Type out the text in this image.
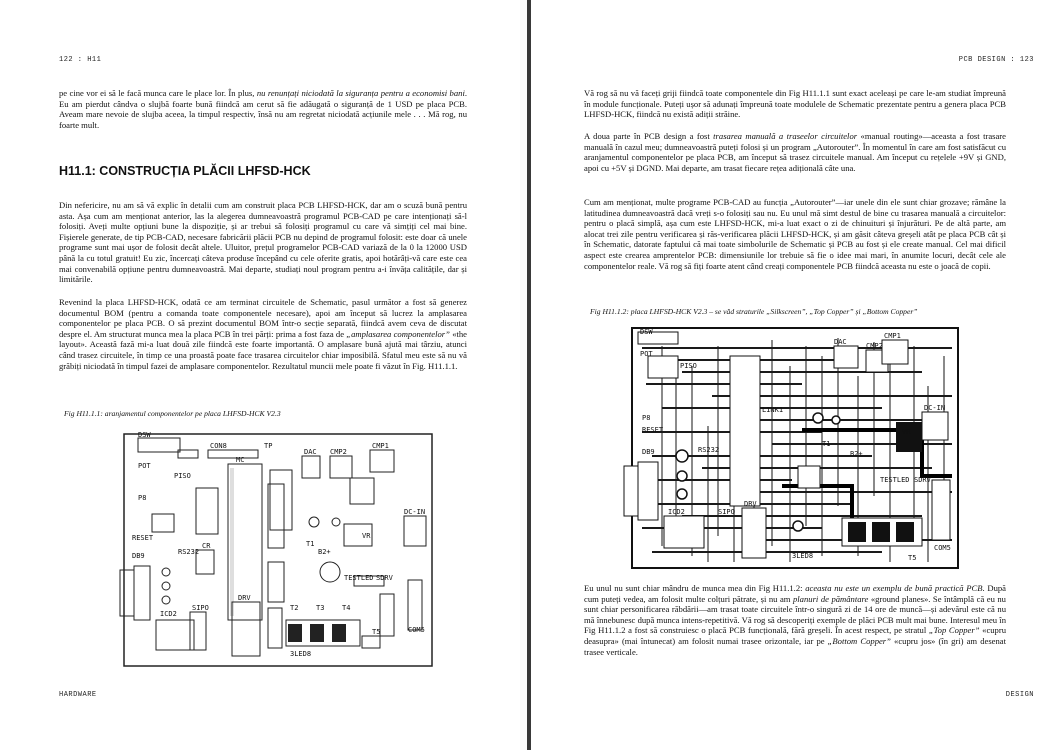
122 : H11

pe cine vor ei să le facă munca care le place lor. În plus, nu renunțați niciodată la siguranța pentru a economisi bani. Eu am pierdut cândva o slujbă foarte bună fiindcă am cerut să fie adăugată o siguranță de 1 USD pe placa PCB. Aveam mare nevoie de slujba aceea, la timpul respectiv, însă nu am regretat niciodată acțiunile mele . . . Mă rog, nu foarte mult.

H11.1: CONSTRUCȚIA PLĂCII LHFSD-HCK

Din nefericire, nu am să vă explic în detalii cum am construit placa PCB LHFSD-HCK, dar am o scuză bună pentru asta. Așa cum am menționat anterior, las la alegerea dumneavoastră programul PCB-CAD pe care intenționați să-l folosiți. Aveți multe opțiuni bune la dispoziție, și ar trebui să folosiți programul cu care vă simțiți cel mai bine. Fișierele generate, de tip PCB-CAD, necesare fabricării plăcii PCB nu depind de programul folosit: este doar că unele programe sunt mai ușor de folosit decât altele. Uluitor, prețul programelor PCB-CAD variază de la 0 la 12000 USD până la cu totul gratuit! Eu zic, încercați câteva produse începând cu cele oferite gratis, apoi hotărâți-vă care este cea mai convenabilă opțiune pentru dumneavoastră. Mai departe, studiați noul program pentru a-i învăța calitățile, dar și limitările.

Revenind la placa LHFSD-HCK, odată ce am terminat circuitele de Schematic, pasul următor a fost să generez documentul BOM (pentru a comanda toate componentele necesare), apoi am început să lucrez la amplasarea componentelor pe placa PCB. O să prezint documentul BOM într-o secție separată, fiindcă avem ceva de discutat despre el. Am structurat munca mea la placa PCB în trei părți: prima a fost faza de „amplasarea componentelor” «the layout». Această fază mi-a luat două zile fiindcă este foarte importantă. O amplasare bună ajută mai târziu, atunci când trasez circuitele, în timp ce una proastă poate face trasarea circuitelor chiar imposibilă. Sfatul meu este să nu vă grăbiți niciodată în timpul fazei de amplasare componentelor. Rezultatul muncii mele poate fi văzut în Fig. H11.1.1.

Fig H11.1.1: aranjamentul componentelor pe placa LHFSD-HCK V2.3

DSW
CON8	TP
MC
POT
PISO
P8
RESET
DB9	RS232
CR
ICD2
SIPO
DRV
T2	T3	T4
T1
B2+
VR
DC-IN
TESTLED SDRV
COM5
T5
3LED8
DAC CMP2
CMP1
HARDWARE
PCB DESIGN : 123

Vă rog să nu vă faceți griji fiindcă toate componentele din Fig H11.1.1 sunt exact aceleași pe care le-am studiat împreună în module funcționale. Puteți ușor să adunați împreună toate modulele de Schematic prezentate pentru a genera placa PCB LHFSD-HCK, fiindcă nu există adiții străine.

A doua parte în PCB design a fost trasarea manuală a traseelor circuitelor «manual routing»—aceasta a fost trasare manuală în cazul meu; dumneavoastră puteți folosi și un program „Autorouter”. În momentul în care am fost satisfăcut cu aranjamentul componentelor pe placa PCB, am început să trasez circuitele manual. Am început cu rețelele +9V și GND, apoi cu +5V și DGND. Mai departe, am trasat fiecare rețea adițională câte una.

Cum am menționat, multe programe PCB-CAD au funcția „Autorouter”—iar unele din ele sunt chiar grozave; rămâne la latitudinea dumneavoastră dacă vreți s-o folosiți sau nu. Eu unul mă simt destul de bine cu trasarea manuală a circuitelor: pentru o placă simplă, așa cum este LHFSD-HCK, mi-a luat exact o zi de chinuituri și înjurături. Pe de altă parte, am alocat trei zile pentru verificarea și răs-verificarea plăcii LHFSD-HCK, și am găsit câteva greșeli atât pe placa PCB cât și în Schematic, datorate faptului că mai toate simbolurile de Schematic și PCB au fost și ele create manual. Cel mai dificil aspect este crearea amprentelor PCB: dimensiunile lor trebuie să fie o idee mai mari, în anumite locuri, decât cele ale componentelor reale. Vă rog să fiți foarte atent când creați componentele PCB fiindcă aceasta nu este o joacă de copii.

Fig H11.1.2: placa LHFSD-HCK V2.3 – se văd straturile „Silkscreen”, „Top Copper” și „Bottom Copper”

DSW
POT
PISO
P8
RESET
DB9
DAC	CMP2
CMP1
DC-IN
VR
B2+
T1
TESTLED SDRV
ICD2	SIPO
DRV
3LED8
RS232
COM5
T5
LINK1

Eu unul nu sunt chiar mândru de munca mea din Fig H11.1.2: aceasta nu este un exemplu de bună practică PCB. După cum puteți vedea, am folosit multe colțuri pătrate, și nu am planuri de pământare «ground planes». Se întâmplă că eu nu sunt chiar personificarea răbdării—am trasat toate circuitele într-o singură zi de 14 ore de muncă—și adevărul este că nu mă înnebunesc după munca intens-repetitivă. Vă rog să descoperiți exemple de plăci PCB mult mai bune. Interesul meu în Fig H11.1.2 a fost să construiesc o placă PCB funcțională, fără greșeli. În acest respect, pe stratul „Top Copper” «cupru deasupra» (mai întunecat) am folosit numai trasee orizontale, iar pe „Bottom Copper” «cupru jos» (în gri) am desenat trasee verticale.

DESIGN
